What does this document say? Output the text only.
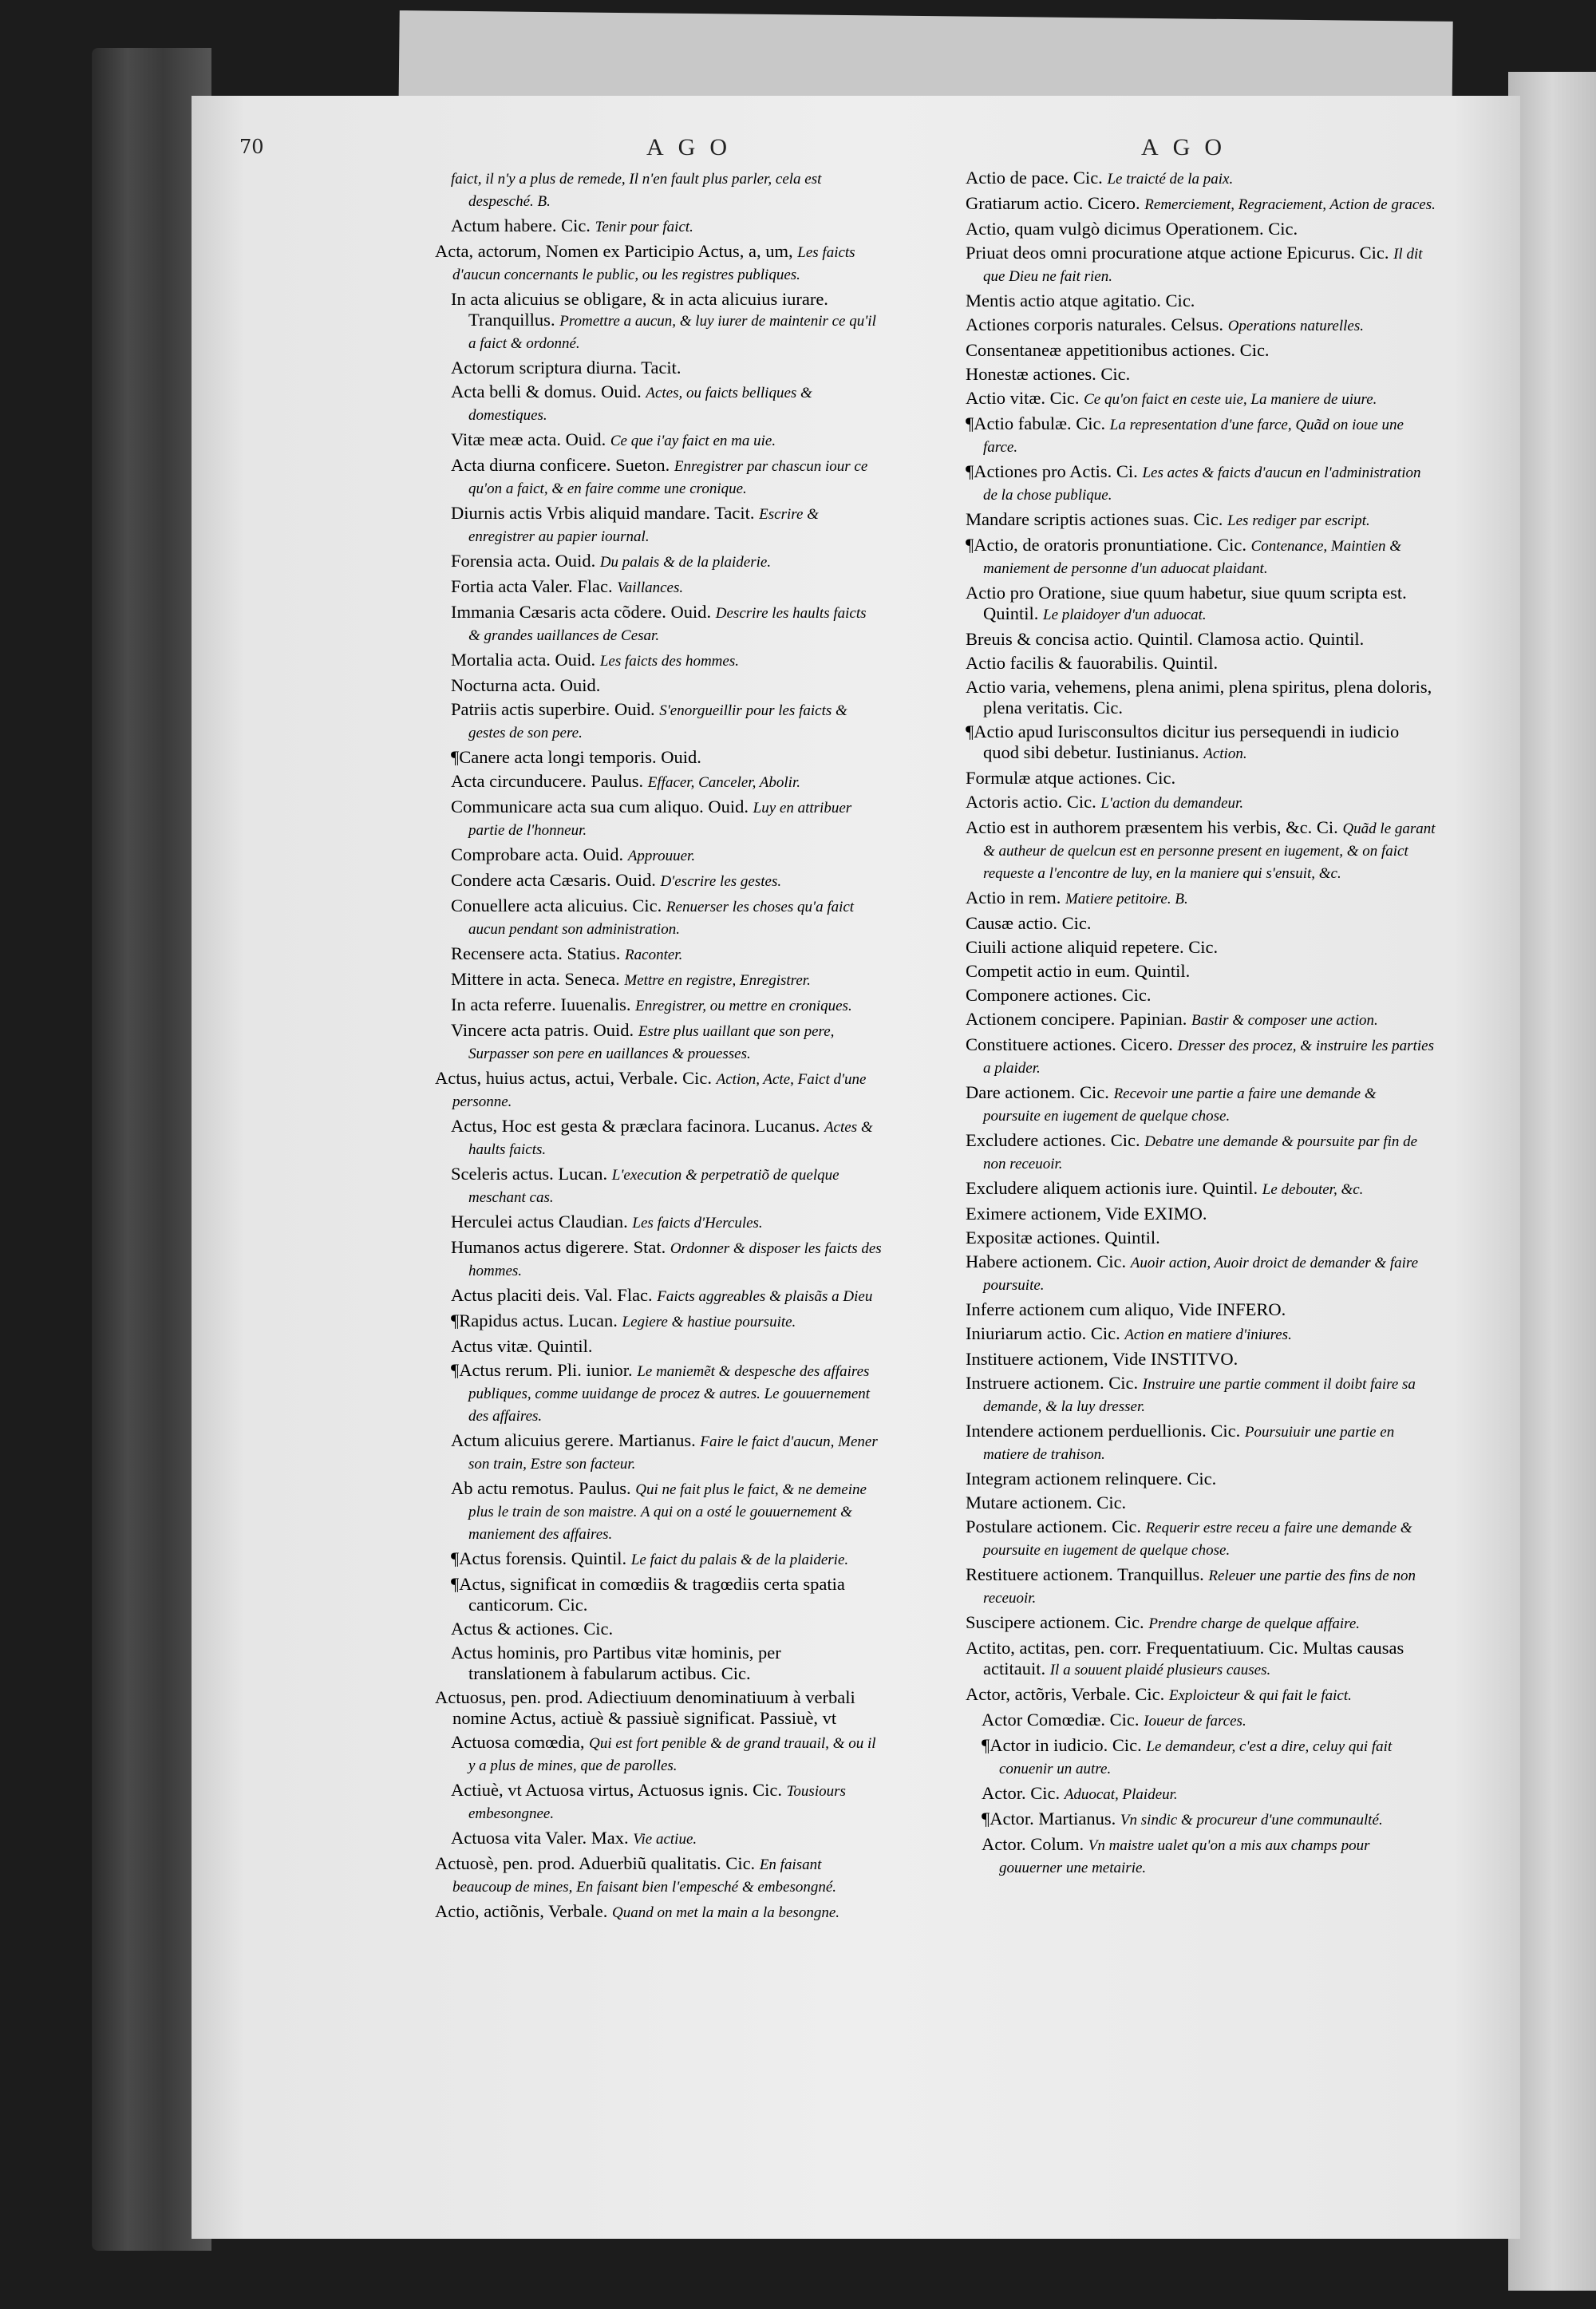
70	AGO	AGO
faict, il n'y a plus de remede, Il n'en fault plus parler, cela est despesché. B.
Actum habere. Cic. Tenir pour faict.
Acta, actorum, Nomen ex Participio Actus, a, um, Les faicts d'aucun concernants le public, ou les registres publiques.
In acta alicuius se obligare, & in acta alicuius iurare. Tranquillus. Promettre a aucun, & luy iurer de maintenir ce qu'il a faict & ordonné.
Actorum scriptura diurna. Tacit.
Acta belli & domus. Ouid. Actes, ou faicts belliques & domestiques.
Vitæ meæ acta. Ouid. Ce que i'ay faict en ma uie.
Acta diurna conficere. Sueton. Enregistrer par chascun iour ce qu'on a faict, & en faire comme une cronique.
Diurnis actis Vrbis aliquid mandare. Tacit. Escrire & enregistrer au papier iournal.
Forensia acta. Ouid. Du palais & de la plaiderie.
Fortia acta Valer. Flac. Vaillances.
Immania Cæsaris acta cõdere. Ouid. Descrire les haults faicts & grandes uaillances de Cesar.
Mortalia acta. Ouid. Les faicts des hommes.
Nocturna acta. Ouid.
Patriis actis superbire. Ouid. S'enorgueillir pour les faicts & gestes de son pere.
¶Canere acta longi temporis. Ouid.
Acta circunducere. Paulus. Effacer, Canceler, Abolir.
Communicare acta sua cum aliquo. Ouid. Luy en attribuer partie de l'honneur.
Comprobare acta. Ouid. Approuuer.
Condere acta Cæsaris. Ouid. D'escrire les gestes.
Conuellere acta alicuius. Cic. Renuerser les choses qu'a faict aucun pendant son administration.
Recensere acta. Statius. Raconter.
Mittere in acta. Seneca. Mettre en registre, Enregistrer.
In acta referre. Iuuenalis. Enregistrer, ou mettre en croniques.
Vincere acta patris. Ouid. Estre plus uaillant que son pere, Surpasser son pere en uaillances & prouesses.
Actus, huius actus, actui, Verbale. Cic. Action, Acte, Faict d'une personne.
Actus, Hoc est gesta & præclara facinora. Lucanus. Actes & haults faicts.
Sceleris actus. Lucan. L'execution & perpetratiõ de quelque meschant cas.
Herculei actus Claudian. Les faicts d'Hercules.
Humanos actus digerere. Stat. Ordonner & disposer les faicts des hommes.
Actus placiti deis. Val. Flac. Faicts aggreables & plaisãs a Dieu
¶Rapidus actus. Lucan. Legiere & hastiue poursuite.
Actus vitæ. Quintil.
¶Actus rerum. Pli. iunior. Le maniemẽt & despesche des affaires publiques, comme uuidange de procez & autres. Le gouuernement des affaires.
Actum alicuius gerere. Martianus. Faire le faict d'aucun, Mener son train, Estre son facteur.
Ab actu remotus. Paulus. Qui ne fait plus le faict, & ne demeine plus le train de son maistre. A qui on a osté le gouuernement & maniement des affaires.
¶Actus forensis. Quintil. Le faict du palais & de la plaiderie.
¶Actus, significat in comœdiis & tragœdiis certa spatia canticorum. Cic.
Actus & actiones. Cic.
Actus hominis, pro Partibus vitæ hominis, per translationem à fabularum actibus. Cic.
Actuosus, pen. prod. Adiectiuum denominatiuum à verbali nomine Actus, actiuè & passiuè significat. Passiuè, vt
Actuosa comœdia, Qui est fort penible & de grand trauail, & ou il y a plus de mines, que de parolles.
Actiuè, vt Actuosa virtus, Actuosus ignis. Cic. Tousiours embesongnee.
Actuosa vita Valer. Max. Vie actiue.
Actuosè, pen. prod. Aduerbiũ qualitatis. Cic. En faisant beaucoup de mines, En faisant bien l'empesché & embesongné.
Actio, actiõnis, Verbale. Quand on met la main a la besongne.
Actio de pace. Cic. Le traicté de la paix.
Gratiarum actio. Cicero. Remerciement, Regraciement, Action de graces.
Actio, quam vulgò dicimus Operationem. Cic.
Priuat deos omni procuratione atque actione Epicurus. Cic. Il dit que Dieu ne fait rien.
Mentis actio atque agitatio. Cic.
Actiones corporis naturales. Celsus. Operations naturelles.
Consentaneæ appetitionibus actiones. Cic.
Honestæ actiones. Cic.
Actio vitæ. Cic. Ce qu'on faict en ceste uie, La maniere de uiure.
¶Actio fabulæ. Cic. La representation d'une farce, Quãd on ioue une farce.
¶Actiones pro Actis. Ci. Les actes & faicts d'aucun en l'administration de la chose publique.
Mandare scriptis actiones suas. Cic. Les rediger par escript.
¶Actio, de oratoris pronuntiatione. Cic. Contenance, Maintien & maniement de personne d'un aduocat plaidant.
Actio pro Oratione, siue quum habetur, siue quum scripta est. Quintil. Le plaidoyer d'un aduocat.
Breuis & concisa actio. Quintil. Clamosa actio. Quintil.
Actio facilis & fauorabilis. Quintil.
Actio varia, vehemens, plena animi, plena spiritus, plena doloris, plena veritatis. Cic.
¶Actio apud Iurisconsultos dicitur ius persequendi in iudicio quod sibi debetur. Iustinianus. Action.
Formulæ atque actiones. Cic.
Actoris actio. Cic. L'action du demandeur.
Actio est in authorem præsentem his verbis, &c. Ci. Quãd le garant & autheur de quelcun est en personne present en iugement, & on faict requeste a l'encontre de luy, en la maniere qui s'ensuit, &c.
Actio in rem. Matiere petitoire. B.
Causæ actio. Cic.
Ciuili actione aliquid repetere. Cic.
Competit actio in eum. Quintil.
Componere actiones. Cic.
Actionem concipere. Papinian. Bastir & composer une action.
Constituere actiones. Cicero. Dresser des procez, & instruire les parties a plaider.
Dare actionem. Cic. Recevoir une partie a faire une demande & poursuite en iugement de quelque chose.
Excludere actiones. Cic. Debatre une demande & poursuite par fin de non receuoir.
Excludere aliquem actionis iure. Quintil. Le debouter, &c.
Eximere actionem, Vide EXIMO.
Expositæ actiones. Quintil.
Habere actionem. Cic. Auoir action, Auoir droict de demander & faire poursuite.
Inferre actionem cum aliquo, Vide INFERO.
Iniuriarum actio. Cic. Action en matiere d'iniures.
Instituere actionem, Vide INSTITVO.
Instruere actionem. Cic. Instruire une partie comment il doibt faire sa demande, & la luy dresser.
Intendere actionem perduellionis. Cic. Poursuiuir une partie en matiere de trahison.
Integram actionem relinquere. Cic.
Mutare actionem. Cic.
Postulare actionem. Cic. Requerir estre receu a faire une demande & poursuite en iugement de quelque chose.
Restituere actionem. Tranquillus. Releuer une partie des fins de non receuoir.
Suscipere actionem. Cic. Prendre charge de quelque affaire.
Actito, actitas, pen. corr. Frequentatiuum. Cic. Multas causas actitauit. Il a souuent plaidé plusieurs causes.
Actor, actõris, Verbale. Cic. Exploicteur & qui fait le faict.
Actor Comœdiæ. Cic. Ioueur de farces.
¶Actor in iudicio. Cic. Le demandeur, c'est a dire, celuy qui fait conuenir un autre.
Actor. Cic. Aduocat, Plaideur.
¶Actor. Martianus. Vn sindic & procureur d'une communaulté.
Actor. Colum. Vn maistre ualet qu'on a mis aux champs pour gouuerner une metairie.
